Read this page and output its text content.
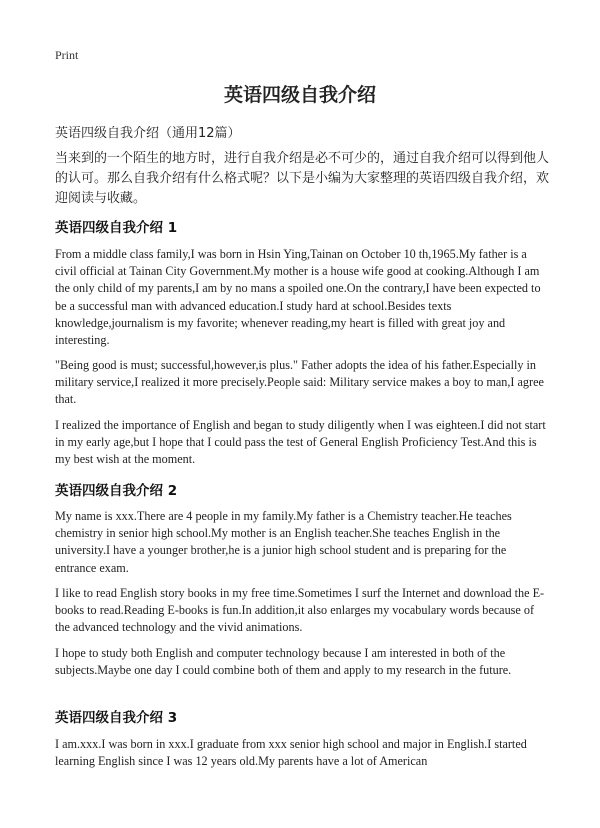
Print
英语四级自我介绍
英语四级自我介绍（通用12篇）

当来到的一个陌生的地方时，进行自我介绍是必不可少的，通过自我介绍可以得到他人的认可。那么自我介绍有什么格式呢？以下是小编为大家整理的英语四级自我介绍，欢迎阅读与收藏。

英语四级自我介绍 1

From a middle class family,I was born in Hsin Ying,Tainan on October 10 th,1965.My father is a civil official at Tainan City Government.My mother is a house wife good at cooking.Although I am the only child of my parents,I am by no mans a spoiled one.On the contrary,I have been expected to be a successful man with advanced education.I study hard at school.Besides texts knowledge,journalism is my favorite; whenever reading,my heart is filled with great joy and interesting.

"Being good is must; successful,however,is plus." Father adopts the idea of his father.Especially in military service,I realized it more precisely.People said: Military service makes a boy to man,I agree that.

I realized the importance of English and began to study diligently when I was eighteen.I did not start in my early age,but I hope that I could pass the test of General English Proficiency Test.And this is my best wish at the moment.

英语四级自我介绍 2

My name is xxx.There are 4 people in my family.My father is a Chemistry teacher.He teaches chemistry in senior high school.My mother is an English teacher.She teaches English in the university.I have a younger brother,he is a junior high school student and is preparing for the entrance exam.

I like to read English story books in my free time.Sometimes I surf the Internet and download the E-books to read.Reading E-books is fun.In addition,it also enlarges my vocabulary words because of the advanced technology and the vivid animations.

I hope to study both English and computer technology because I am interested in both of the subjects.Maybe one day I could combine both of them and apply to my research in the future.

英语四级自我介绍 3

I am.xxx.I was born in xxx.I graduate from xxx senior high school and major in English.I started learning English since I was 12 years old.My parents have a lot of American
